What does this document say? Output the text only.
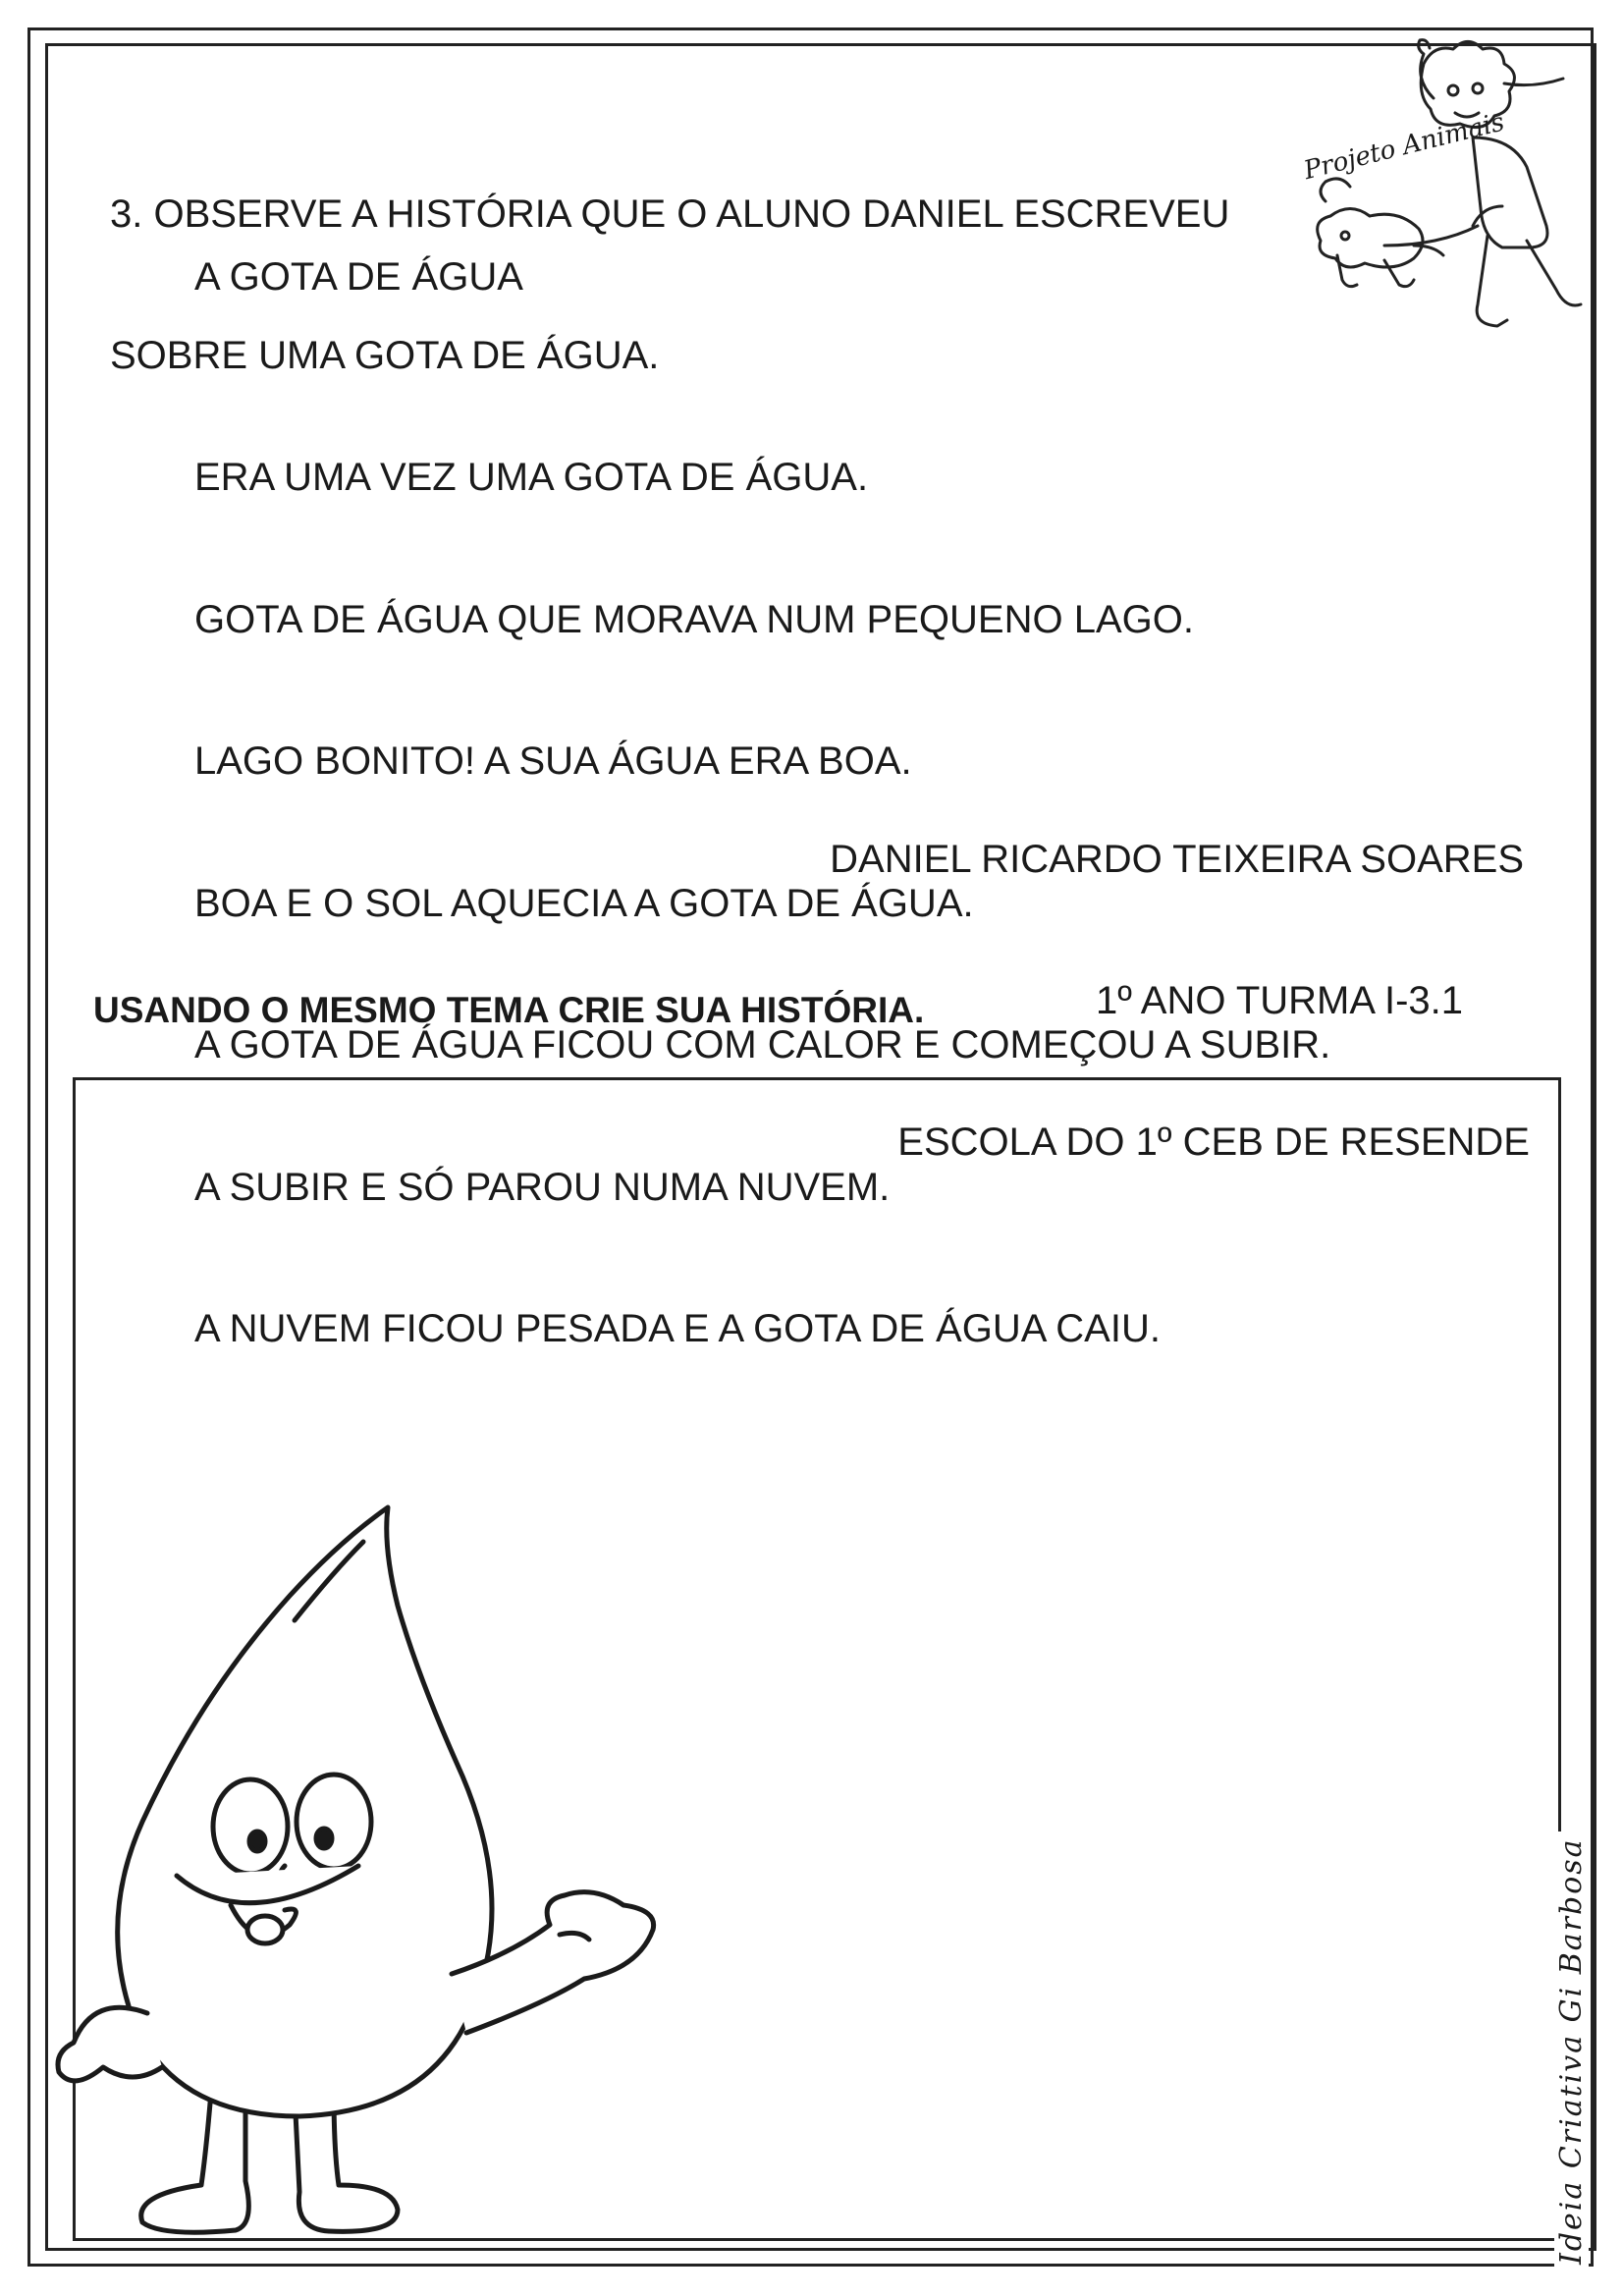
Projeto Animais

3. OBSERVE A HISTÓRIA QUE O ALUNO DANIEL ESCREVEU

SOBRE UMA GOTA DE ÁGUA.

A GOTA DE ÁGUA

ERA UMA VEZ UMA GOTA DE ÁGUA.

GOTA DE ÁGUA QUE MORAVA NUM PEQUENO LAGO.

LAGO BONITO! A SUA ÁGUA ERA BOA.

BOA E O SOL AQUECIA A GOTA DE ÁGUA.

A GOTA DE ÁGUA FICOU COM CALOR E COMEÇOU A SUBIR.

A SUBIR E SÓ PAROU NUMA NUVEM.

A NUVEM FICOU PESADA E A GOTA DE ÁGUA CAIU.

DANIEL RICARDO TEIXEIRA SOARES

1º ANO TURMA I-3.1

ESCOLA DO 1º CEB DE RESENDE

USANDO O MESMO TEMA CRIE SUA HISTÓRIA.
Ideia Criativa Gi Barbosa
